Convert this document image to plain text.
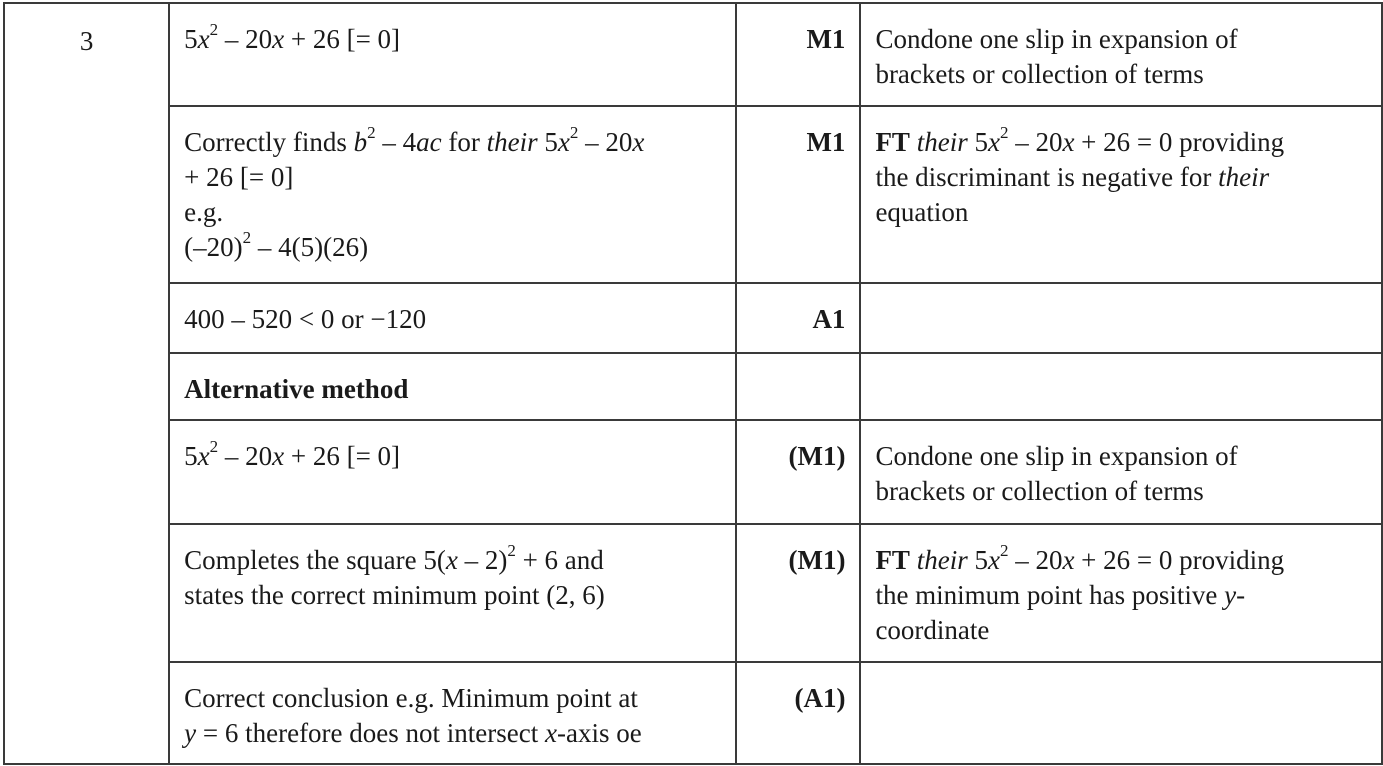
3	$5x^2 - 20x + 26$ [= 0]	M1	Condone one slip in expansion of
brackets or collection of terms

	Correctly finds $b^2 - 4ac$ for their $5x^2 - 20x$
+ 26 [= 0]
e.g.
$(-20)^2 - 4(5)(26)$	M1	FT their $5x^2 - 20x + 26 = 0$ providing
the discriminant is negative for their
equation

	400 – 520 < 0 or −120	A1	

	Alternative method		

	$5x^2 - 20x + 26$ [= 0]	(M1)	Condone one slip in expansion of
brackets or collection of terms

	Completes the square 5(x – 2)$^2$ + 6 and
states the correct minimum point (2, 6)	(M1)	FT their $5x^2 - 20x + 26 = 0$ providing
the minimum point has positive y-
coordinate

	Correct conclusion e.g. Minimum point at
y = 6 therefore does not intersect x-axis oe	(A1)	
